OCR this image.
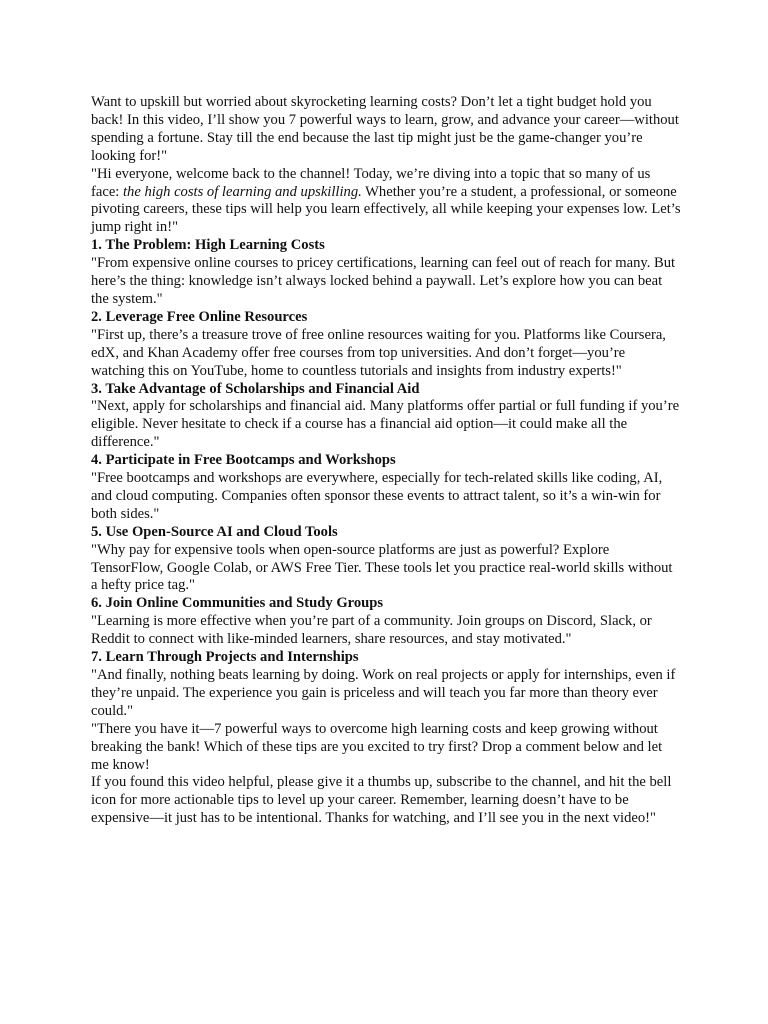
Want to upskill but worried about skyrocketing learning costs? Don’t let a tight budget hold you back! In this video, I’ll show you 7 powerful ways to learn, grow, and advance your career—without spending a fortune. Stay till the end because the last tip might just be the game-changer you’re looking for!"

"Hi everyone, welcome back to the channel! Today, we’re diving into a topic that so many of us face: the high costs of learning and upskilling. Whether you’re a student, a professional, or someone pivoting careers, these tips will help you learn effectively, all while keeping your expenses low. Let’s jump right in!"

1. The Problem: High Learning Costs

"From expensive online courses to pricey certifications, learning can feel out of reach for many. But here’s the thing: knowledge isn’t always locked behind a paywall. Let’s explore how you can beat the system."

2. Leverage Free Online Resources

"First up, there’s a treasure trove of free online resources waiting for you. Platforms like Coursera, edX, and Khan Academy offer free courses from top universities. And don’t forget—you’re watching this on YouTube, home to countless tutorials and insights from industry experts!"

3. Take Advantage of Scholarships and Financial Aid

"Next, apply for scholarships and financial aid. Many platforms offer partial or full funding if you’re eligible. Never hesitate to check if a course has a financial aid option—it could make all the difference."

4. Participate in Free Bootcamps and Workshops

"Free bootcamps and workshops are everywhere, especially for tech-related skills like coding, AI, and cloud computing. Companies often sponsor these events to attract talent, so it’s a win-win for both sides."

5. Use Open-Source AI and Cloud Tools

"Why pay for expensive tools when open-source platforms are just as powerful? Explore TensorFlow, Google Colab, or AWS Free Tier. These tools let you practice real-world skills without a hefty price tag."

6. Join Online Communities and Study Groups

"Learning is more effective when you’re part of a community. Join groups on Discord, Slack, or Reddit to connect with like-minded learners, share resources, and stay motivated."

7. Learn Through Projects and Internships

"And finally, nothing beats learning by doing. Work on real projects or apply for internships, even if they’re unpaid. The experience you gain is priceless and will teach you far more than theory ever could."

"There you have it—7 powerful ways to overcome high learning costs and keep growing without breaking the bank! Which of these tips are you excited to try first? Drop a comment below and let me know!

If you found this video helpful, please give it a thumbs up, subscribe to the channel, and hit the bell icon for more actionable tips to level up your career. Remember, learning doesn’t have to be expensive—it just has to be intentional. Thanks for watching, and I’ll see you in the next video!"
